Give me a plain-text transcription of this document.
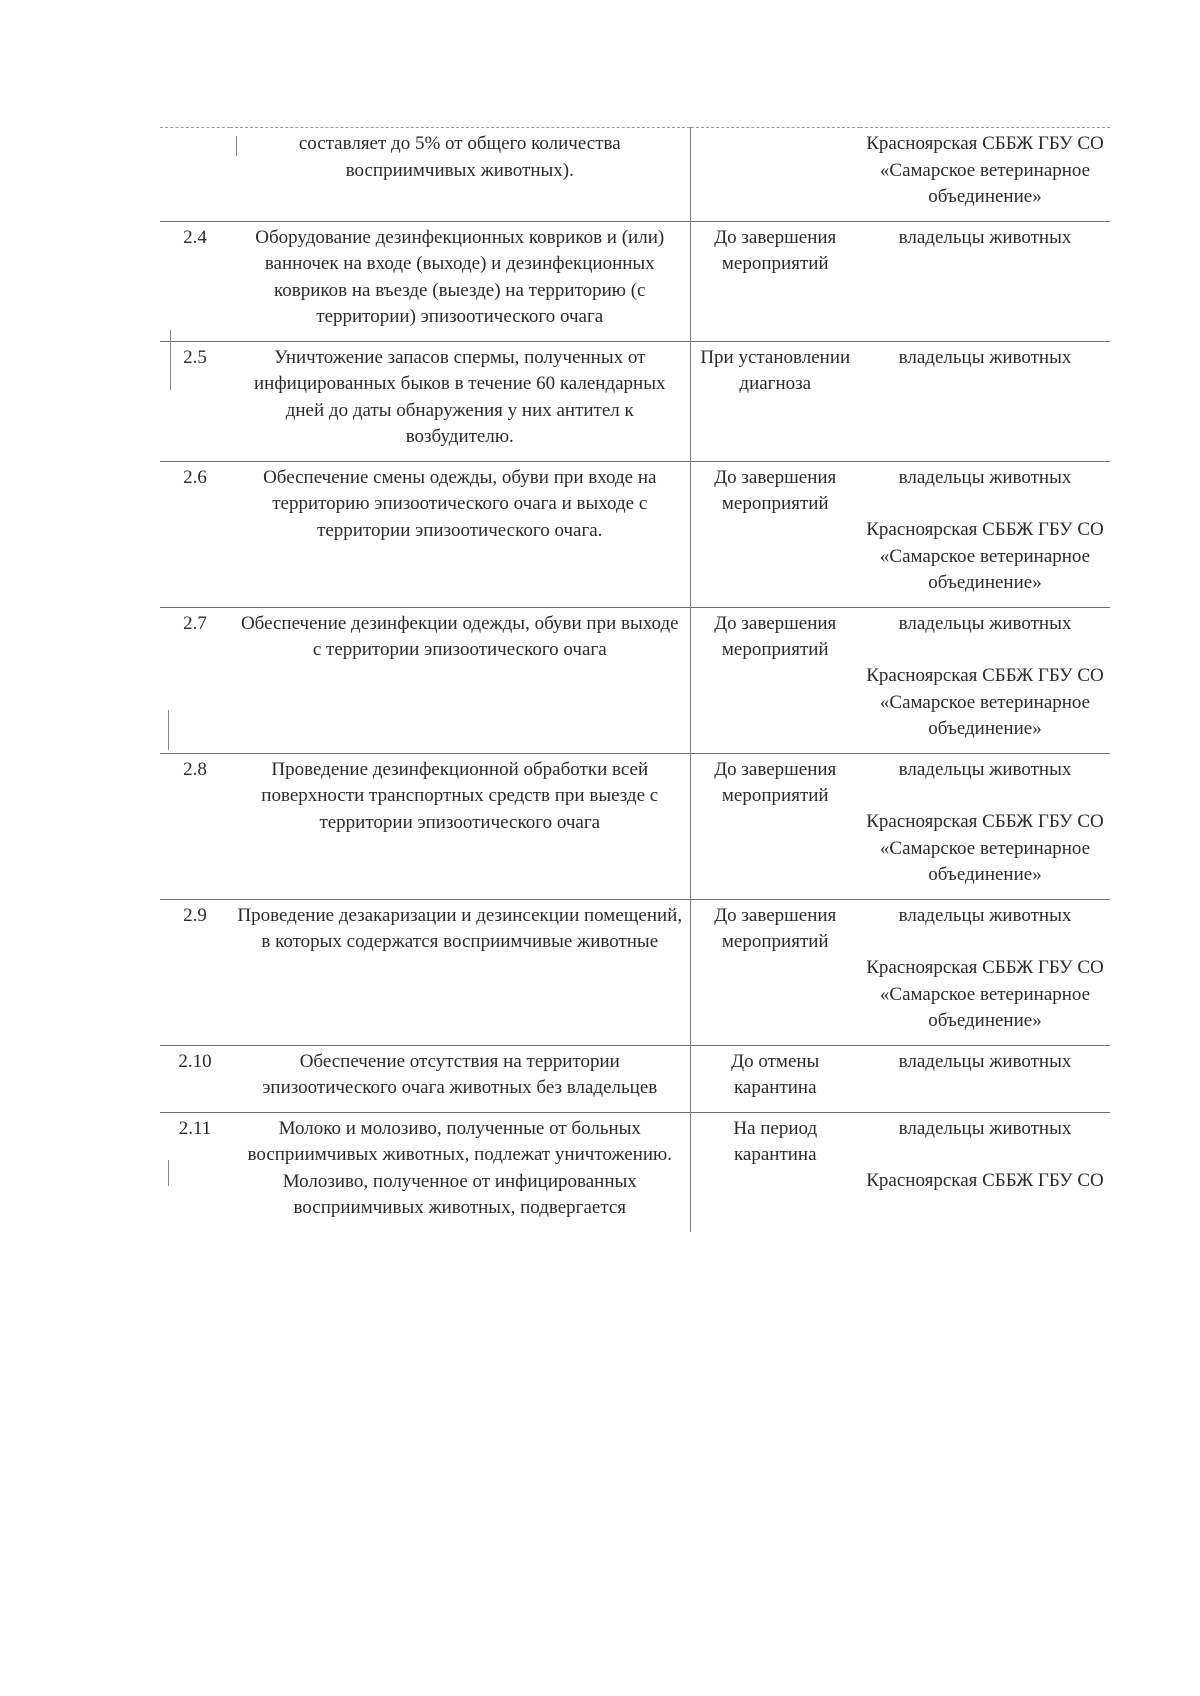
	составляет до 5% от общего количества восприимчивых животных).		Красноярская СББЖ ГБУ СО «Самарское ветеринарное объединение»

2.4	Оборудование дезинфекционных ковриков и (или) ванночек на входе (выходе) и дезинфекционных ковриков на въезде (выезде) на территорию (с территории) эпизоотического очага	До завершения мероприятий	владельцы животных

2.5	Уничтожение запасов спермы, полученных от инфицированных быков в течение 60 календарных дней до даты обнаружения у них антител к возбудителю.	При установлении диагноза	владельцы животных

2.6	Обеспечение смены одежды, обуви при входе на территорию эпизоотического очага и выходе с территории эпизоотического очага.	До завершения мероприятий	владельцы животных
Красноярская СББЖ ГБУ СО «Самарское ветеринарное объединение»

2.7	Обеспечение дезинфекции одежды, обуви при выходе с территории эпизоотического очага	До завершения мероприятий	владельцы животных
Красноярская СББЖ ГБУ СО «Самарское ветеринарное объединение»

2.8	Проведение дезинфекционной обработки всей поверхности транспортных средств при выезде с территории эпизоотического очага	До завершения мероприятий	владельцы животных
Красноярская СББЖ ГБУ СО «Самарское ветеринарное объединение»

2.9	Проведение дезакаризации и дезинсекции помещений, в которых содержатся восприимчивые животные	До завершения мероприятий	владельцы животных
Красноярская СББЖ ГБУ СО «Самарское ветеринарное объединение»

2.10	Обеспечение отсутствия на территории эпизоотического очага животных без владельцев	До отмены карантина	владельцы животных

2.11	Молоко и молозиво, полученные от больных восприимчивых животных, подлежат уничтожению. Молозиво, полученное от инфицированных восприимчивых животных, подвергается	На период карантина	владельцы животных
Красноярская СББЖ ГБУ СО
